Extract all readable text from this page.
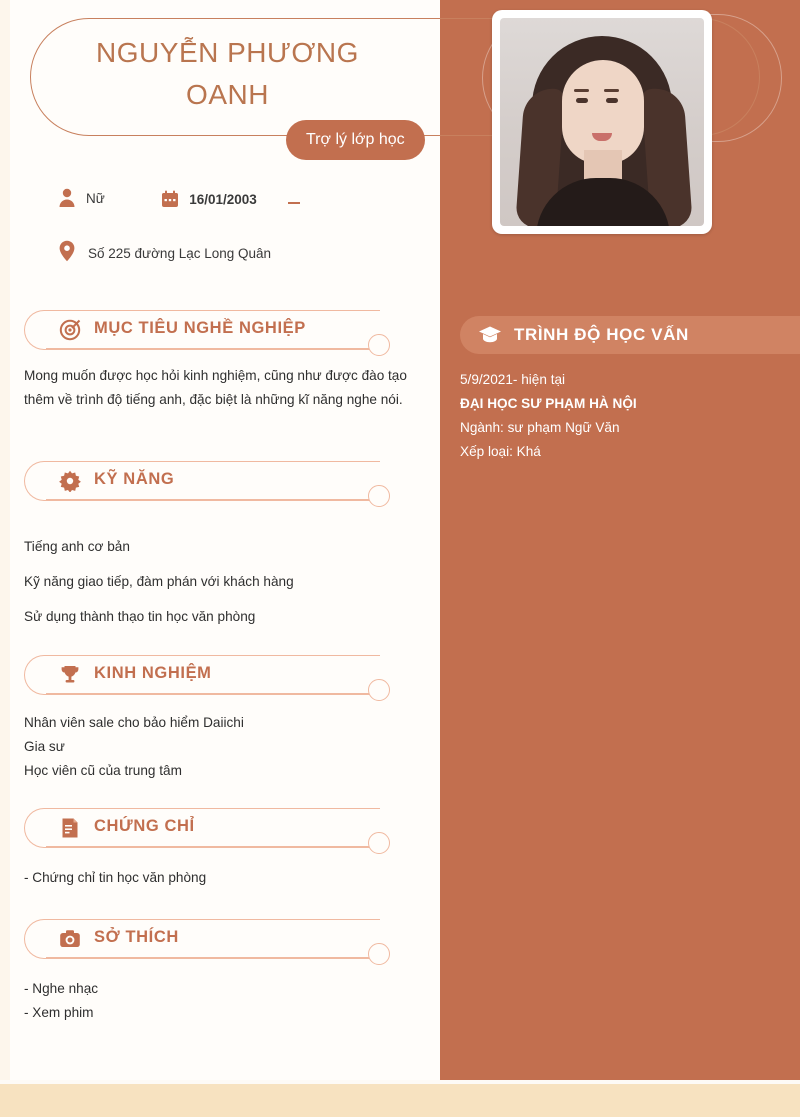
NGUYỄN PHƯƠNG OANH
Trợ lý lớp học
Nữ
	16/01/2003
Số 225 đường Lạc Long Quân
MỤC TIÊU NGHỀ NGHIỆP

Mong muốn được học hỏi kinh nghiệm, cũng như được đào tạo thêm về trình độ tiếng anh, đặc biệt là những kĩ năng nghe nói.

KỸ NĂNG

Tiếng anh cơ bản

Kỹ năng giao tiếp, đàm phán với khách hàng

Sử dụng thành thạo tin học văn phòng

KINH NGHIỆM

Nhân viên sale cho bảo hiểm Daiichi

Gia sư

Học viên cũ của trung tâm

CHỨNG CHỈ

- Chứng chỉ tin học văn phòng

SỞ THÍCH

- Nghe nhạc

- Xem phim

TRÌNH ĐỘ HỌC VẤN
5/9/2021- hiện tại
ĐẠI HỌC SƯ PHẠM HÀ NỘI
Ngành: sư phạm Ngữ Văn
Xếp loại: Khá
